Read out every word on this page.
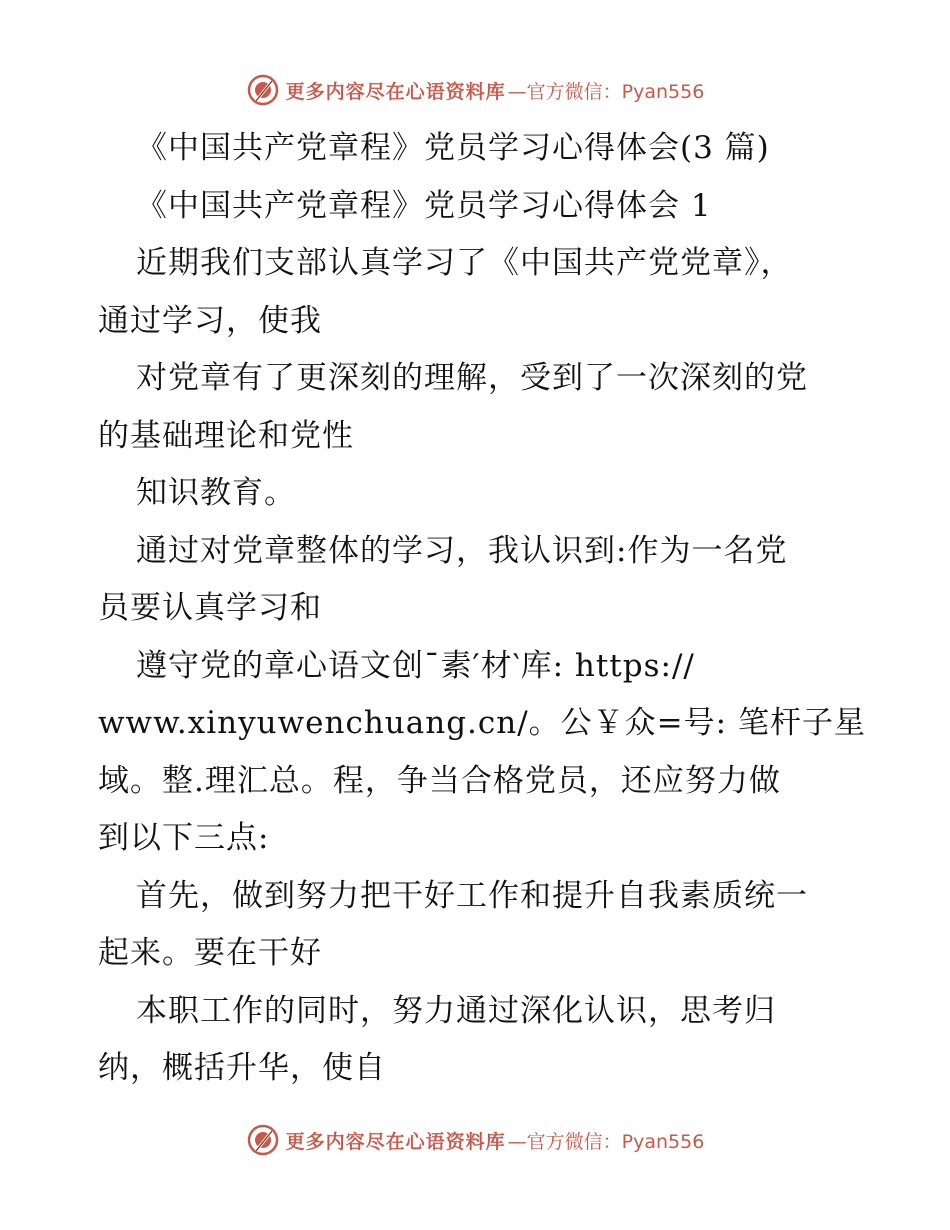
更多内容尽在心语资料库 —官方微信：Pyan556
《中国共产党章程》党员学习心得体会(3 篇)
《中国共产党章程》党员学习心得体会 1
近期我们支部认真学习了《中国共产党党章》，
通过学习，使我
对党章有了更深刻的理解，受到了一次深刻的党
的基础理论和党性
知识教育。
通过对党章整体的学习，我认识到:作为一名党
员要认真学习和
遵守党的章心语文创¯素′材‵库: https://
www.xinyuwenchuang.cn/。公￥众=号: 笔杆子星
域。整.理汇总。程，争当合格党员，还应努力做
到以下三点:
首先，做到努力把干好工作和提升自我素质统一
起来。要在干好
本职工作的同时，努力通过深化认识，思考归
纳，概括升华，使自
更多内容尽在心语资料库 —官方微信：Pyan556
